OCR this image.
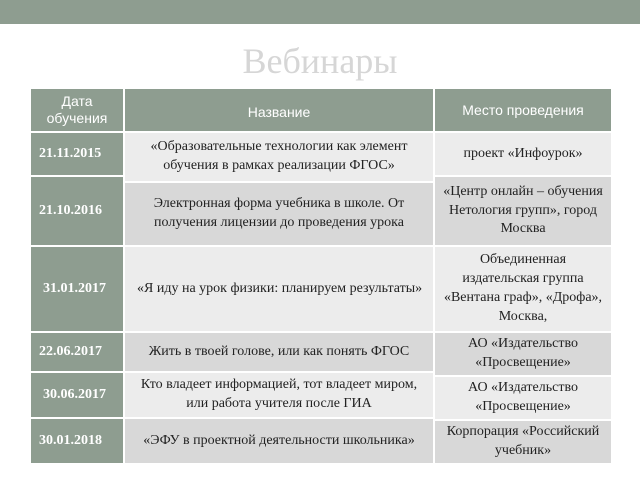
Вебинары
Дата обучения	Название	Место проведения
21.11.2015
21.10.2016
31.01.2017
22.06.2017
30.06.2017
30.01.2018
«Образовательные технологии как элемент обучения в рамках реализации ФГОС»
Электронная форма учебника в школе. От получения лицензии до проведения урока
«Я иду на урок физики: планируем результаты»
Жить в твоей голове, или как понять ФГОС
Кто владеет информацией, тот владеет миром, или работа учителя после ГИА
«ЭФУ в проектной деятельности школьника»
проект «Инфоурок»
«Центр онлайн – обучения Нетология групп», город Москва
Объединенная издательская группа «Вентана граф», «Дрофа», Москва,
АО «Издательство «Просвещение»
АО «Издательство «Просвещение»
Корпорация «Российский учебник»
